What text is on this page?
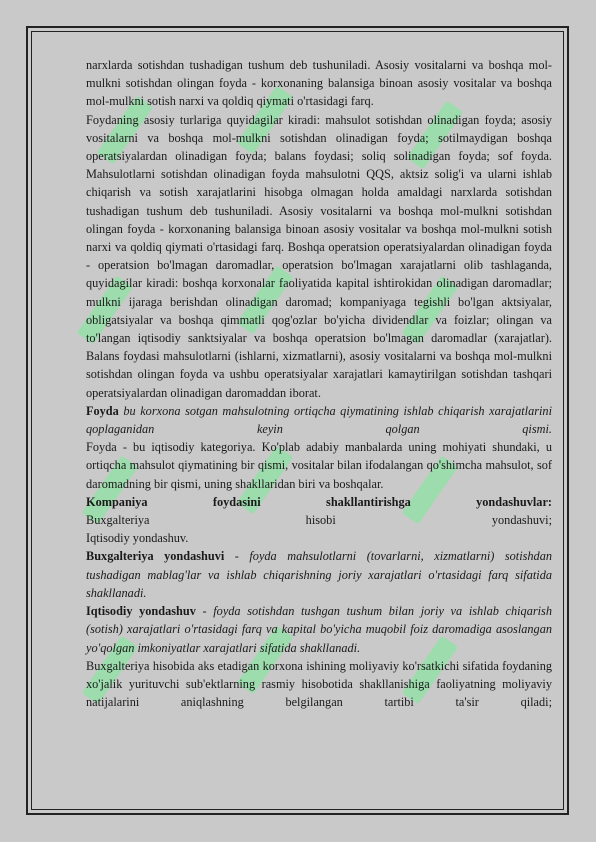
narxlarda sotishdan tushadigan tushum deb tushuniladi. Asosiy vositalarni va boshqa mol-mulkni sotishdan olingan foyda - korxonaning balansiga binoan asosiy vositalar va boshqa mol-mulkni sotish narxi va qoldiq qiymati o'rtasidagi farq.

Foydaning asosiy turlariga quyidagilar kiradi: mahsulot sotishdan olinadigan foyda; asosiy vositalarni va boshqa mol-mulkni sotishdan olinadigan foyda; sotilmaydigan boshqa operatsiyalardan olinadigan foyda; balans foydasi; soliq solinadigan foyda; sof foyda. Mahsulotlarni sotishdan olinadigan foyda mahsulotni QQS, aktsiz solig'i va ularni ishlab chiqarish va sotish xarajatlarini hisobga olmagan holda amaldagi narxlarda sotishdan tushadigan tushum deb tushuniladi. Asosiy vositalarni va boshqa mol-mulkni sotishdan olingan foyda - korxonaning balansiga binoan asosiy vositalar va boshqa mol-mulkni sotish narxi va qoldiq qiymati o'rtasidagi farq. Boshqa operatsion operatsiyalardan olinadigan foyda - operatsion bo'lmagan daromadlar, operatsion bo'lmagan xarajatlarni olib tashlaganda, quyidagilar kiradi: boshqa korxonalar faoliyatida kapital ishtirokidan olinadigan daromadlar; mulkni ijaraga berishdan olinadigan daromad; kompaniyaga tegishli bo'lgan aktsiyalar, obligatsiyalar va boshqa qimmatli qog'ozlar bo'yicha dividendlar va foizlar; olingan va to'langan iqtisodiy sanktsiyalar va boshqa operatsion bo'lmagan daromadlar (xarajatlar). Balans foydasi mahsulotlarni (ishlarni, xizmatlarni), asosiy vositalarni va boshqa mol-mulkni sotishdan olingan foyda va ushbu operatsiyalar xarajatlari kamaytirilgan sotishdan tashqari operatsiyalardan olinadigan daromaddan iborat.

Foyda bu korxona sotgan mahsulotning ortiqcha qiymatining ishlab chiqarish xarajatlarini qoplaganidan keyin qolgan qismi.

Foyda - bu iqtisodiy kategoriya. Ko'plab adabiy manbalarda uning mohiyati shundaki, u ortiqcha mahsulot qiymatining bir qismi, vositalar bilan ifodalangan qo'shimcha mahsulot, sof daromadning bir qismi, uning shakllaridan biri va boshqalar.

Kompaniya foydasini shakllantirishga yondashuvlar:

Buxgalteriya hisobi yondashuvi;

Iqtisodiy yondashuv.

Buxgalteriya yondashuvi - foyda mahsulotlarni (tovarlarni, xizmatlarni) sotishdan tushadigan mablag'lar va ishlab chiqarishning joriy xarajatlari o'rtasidagi farq sifatida shakllanadi.

Iqtisodiy yondashuv - foyda sotishdan tushgan tushum bilan joriy va ishlab chiqarish (sotish) xarajatlari o'rtasidagi farq va kapital bo'yicha muqobil foiz daromadiga asoslangan yo'qolgan imkoniyatlar xarajatlari sifatida shakllanadi.

Buxgalteriya hisobida aks etadigan korxona ishining moliyaviy ko'rsatkichi sifatida foydaning xo'jalik yurituvchi sub'ektlarning rasmiy hisobotida shakllanishiga faoliyatning moliyaviy natijalarini aniqlashning belgilangan tartibi ta'sir qiladi;
